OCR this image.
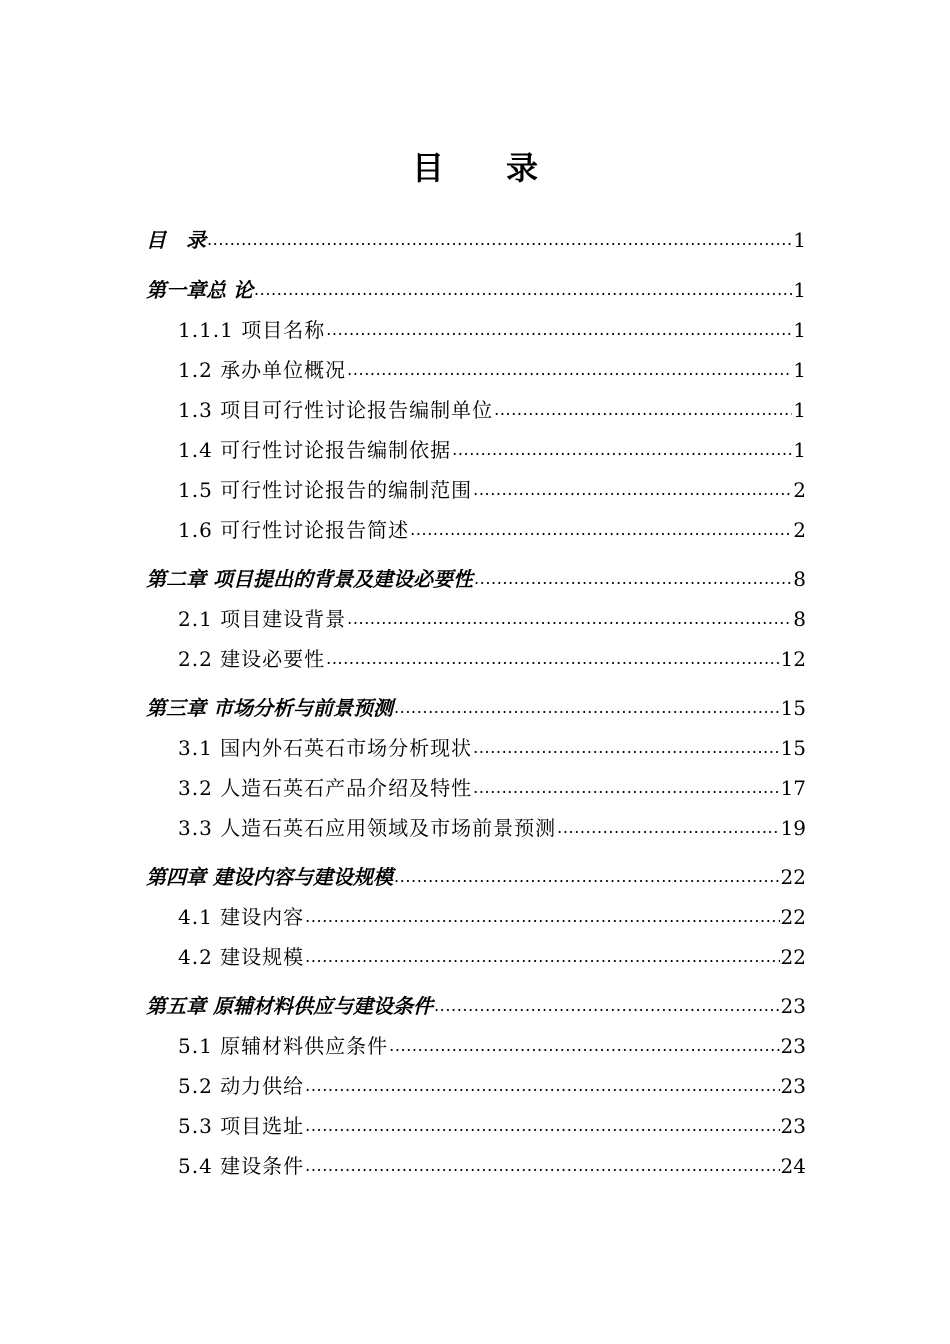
目 录
目　录 .....	1
第一章总 论 .....	1
1.1.1 项目名称 .....	1
1.2 承办单位概况 .....	1
1.3 项目可行性讨论报告编制单位 .....	1
1.4 可行性讨论报告编制依据 .....	1
1.5 可行性讨论报告的编制范围 .....	2
1.6 可行性讨论报告简述 .....	2
第二章 项目提出的背景及建设必要性 .....	8
2.1 项目建设背景 .....	8
2.2 建设必要性 .....	12
第三章 市场分析与前景预测 .....	15
3.1 国内外石英石市场分析现状 .....	15
3.2 人造石英石产品介绍及特性 .....	17
3.3 人造石英石应用领域及市场前景预测 .....	19
第四章 建设内容与建设规模 .....	22
4.1 建设内容 .....	22
4.2 建设规模 .....	22
第五章 原辅材料供应与建设条件 .....	23
5.1 原辅材料供应条件 .....	23
5.2 动力供给 .....	23
5.3 项目选址 .....	23
5.4 建设条件 .....	24
